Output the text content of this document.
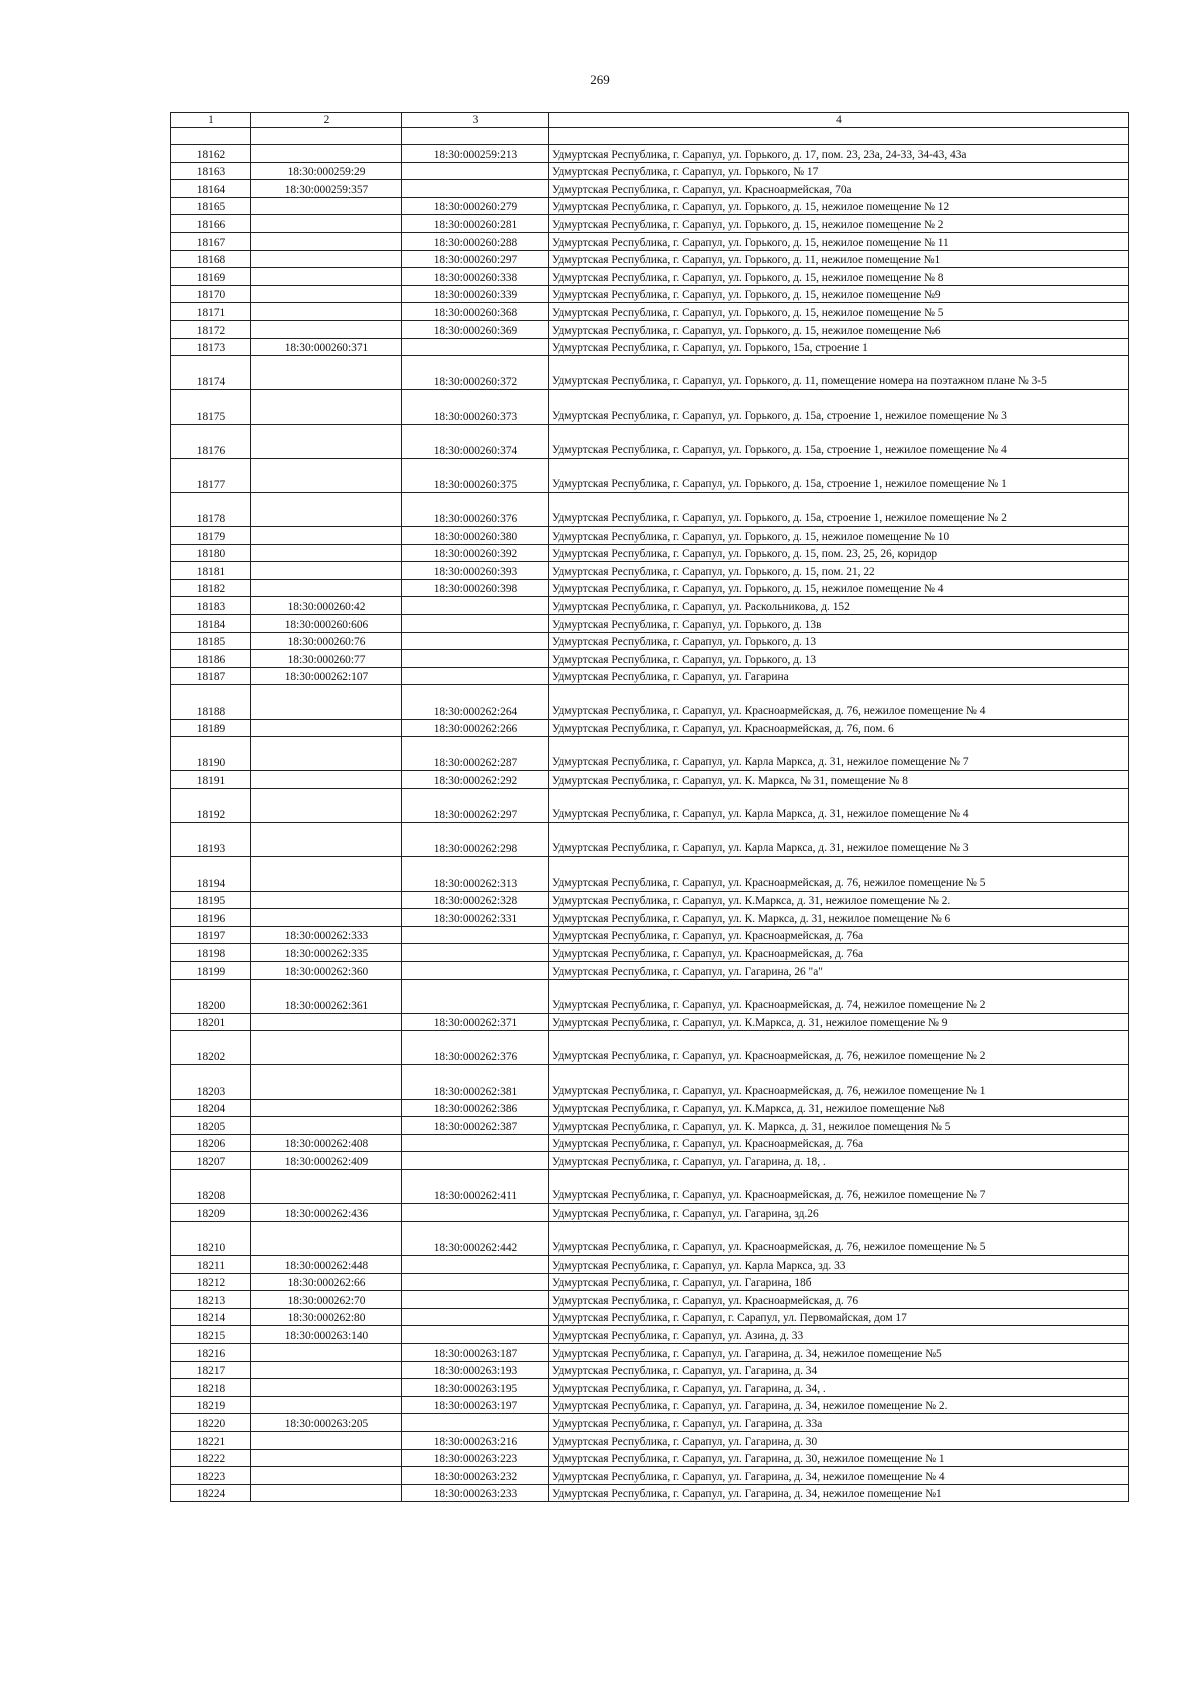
269
1	2	3	4

18162		18:30:000259:213	Удмуртская Республика, г. Сарапул, ул. Горького, д. 17, пом. 23, 23а, 24-33, 34-43, 43а
18163	18:30:000259:29		Удмуртская Республика, г. Сарапул, ул. Горького, № 17
18164	18:30:000259:357		Удмуртская Республика, г. Сарапул, ул. Красноармейская, 70а
18165		18:30:000260:279	Удмуртская Республика, г. Сарапул, ул. Горького, д. 15, нежилое помещение № 12
18166		18:30:000260:281	Удмуртская Республика, г. Сарапул, ул. Горького, д. 15, нежилое помещение № 2
18167		18:30:000260:288	Удмуртская Республика, г. Сарапул, ул. Горького, д. 15, нежилое помещение № 11
18168		18:30:000260:297	Удмуртская Республика, г. Сарапул, ул. Горького, д. 11, нежилое помещение №1
18169		18:30:000260:338	Удмуртская Республика, г. Сарапул, ул. Горького, д. 15, нежилое помещение № 8
18170		18:30:000260:339	Удмуртская Республика, г. Сарапул, ул. Горького, д. 15, нежилое помещение №9
18171		18:30:000260:368	Удмуртская Республика, г. Сарапул, ул. Горького, д. 15, нежилое помещение № 5
18172		18:30:000260:369	Удмуртская Республика, г. Сарапул, ул. Горького, д. 15, нежилое помещение №6
18173	18:30:000260:371		Удмуртская Республика, г. Сарапул, ул. Горького, 15а, строение 1
18174		18:30:000260:372	Удмуртская Республика, г. Сарапул, ул. Горького, д. 11, помещение номера на поэтажном плане № 3-5
18175		18:30:000260:373	Удмуртская Республика, г. Сарапул, ул. Горького, д. 15а, строение 1, нежилое помещение № 3
18176		18:30:000260:374	Удмуртская Республика, г. Сарапул, ул. Горького, д. 15а, строение 1, нежилое помещение № 4
18177		18:30:000260:375	Удмуртская Республика, г. Сарапул, ул. Горького, д. 15а, строение 1, нежилое помещение № 1
18178		18:30:000260:376	Удмуртская Республика, г. Сарапул, ул. Горького, д. 15а, строение 1, нежилое помещение № 2
18179		18:30:000260:380	Удмуртская Республика, г. Сарапул, ул. Горького, д. 15, нежилое помещение № 10
18180		18:30:000260:392	Удмуртская Республика, г. Сарапул, ул. Горького, д. 15, пом. 23, 25, 26, коридор
18181		18:30:000260:393	Удмуртская Республика, г. Сарапул, ул. Горького, д. 15, пом. 21, 22
18182		18:30:000260:398	Удмуртская Республика, г. Сарапул, ул. Горького, д. 15, нежилое помещение № 4
18183	18:30:000260:42		Удмуртская Республика, г. Сарапул, ул. Раскольникова, д. 152
18184	18:30:000260:606		Удмуртская Республика, г. Сарапул, ул. Горького, д. 13в
18185	18:30:000260:76		Удмуртская Республика, г. Сарапул, ул. Горького, д. 13
18186	18:30:000260:77		Удмуртская Республика, г. Сарапул, ул. Горького, д. 13
18187	18:30:000262:107		Удмуртская Республика, г. Сарапул, ул. Гагарина
18188		18:30:000262:264	Удмуртская Республика, г. Сарапул, ул. Красноармейская, д. 76, нежилое помещение № 4
18189		18:30:000262:266	Удмуртская Республика, г. Сарапул, ул. Красноармейская, д. 76, пом. 6
18190		18:30:000262:287	Удмуртская Республика, г. Сарапул, ул. Карла Маркса, д. 31, нежилое помещение № 7
18191		18:30:000262:292	Удмуртская Республика, г. Сарапул, ул. К. Маркса, № 31, помещение № 8
18192		18:30:000262:297	Удмуртская Республика, г. Сарапул, ул. Карла Маркса, д. 31, нежилое помещение № 4
18193		18:30:000262:298	Удмуртская Республика, г. Сарапул, ул. Карла Маркса, д. 31, нежилое помещение № 3
18194		18:30:000262:313	Удмуртская Республика, г. Сарапул, ул. Красноармейская, д. 76, нежилое помещение № 5
18195		18:30:000262:328	Удмуртская Республика, г. Сарапул, ул. К.Маркса, д. 31, нежилое помещение № 2.
18196		18:30:000262:331	Удмуртская Республика, г. Сарапул, ул. К. Маркса, д. 31, нежилое помещение № 6
18197	18:30:000262:333		Удмуртская Республика, г. Сарапул, ул. Красноармейская, д. 76а
18198	18:30:000262:335		Удмуртская Республика, г. Сарапул, ул. Красноармейская, д. 76а
18199	18:30:000262:360		Удмуртская Республика, г. Сарапул, ул. Гагарина, 26 "а"
18200	18:30:000262:361		Удмуртская Республика, г. Сарапул, ул. Красноармейская, д. 74, нежилое помещение № 2
18201		18:30:000262:371	Удмуртская Республика, г. Сарапул, ул. К.Маркса, д. 31, нежилое помещение № 9
18202		18:30:000262:376	Удмуртская Республика, г. Сарапул, ул. Красноармейская, д. 76, нежилое помещение № 2
18203		18:30:000262:381	Удмуртская Республика, г. Сарапул, ул. Красноармейская, д. 76, нежилое помещение № 1
18204		18:30:000262:386	Удмуртская Республика, г. Сарапул, ул. К.Маркса, д. 31, нежилое помещение №8
18205		18:30:000262:387	Удмуртская Республика, г. Сарапул, ул. К. Маркса, д. 31, нежилое помещения № 5
18206	18:30:000262:408		Удмуртская Республика, г. Сарапул, ул. Красноармейская, д. 76а
18207	18:30:000262:409		Удмуртская Республика, г. Сарапул, ул. Гагарина, д. 18, .
18208		18:30:000262:411	Удмуртская Республика, г. Сарапул, ул. Красноармейская, д. 76, нежилое помещение № 7
18209	18:30:000262:436		Удмуртская Республика, г. Сарапул, ул. Гагарина, зд.26
18210		18:30:000262:442	Удмуртская Республика, г. Сарапул, ул. Красноармейская, д. 76, нежилое помещение № 5
18211	18:30:000262:448		Удмуртская Республика, г. Сарапул, ул. Карла Маркса, зд. 33
18212	18:30:000262:66		Удмуртская Республика, г. Сарапул, ул. Гагарина, 18б
18213	18:30:000262:70		Удмуртская Республика, г. Сарапул, ул. Красноармейская, д. 76
18214	18:30:000262:80		Удмуртская Республика, г. Сарапул, г. Сарапул, ул. Первомайская, дом 17
18215	18:30:000263:140		Удмуртская Республика, г. Сарапул, ул. Азина, д. 33
18216		18:30:000263:187	Удмуртская Республика, г. Сарапул, ул. Гагарина, д. 34, нежилое помещение №5
18217		18:30:000263:193	Удмуртская Республика, г. Сарапул, ул. Гагарина, д. 34
18218		18:30:000263:195	Удмуртская Республика, г. Сарапул, ул. Гагарина, д. 34, .
18219		18:30:000263:197	Удмуртская Республика, г. Сарапул, ул. Гагарина, д. 34, нежилое помещение № 2.
18220	18:30:000263:205		Удмуртская Республика, г. Сарапул, ул. Гагарина, д. 33а
18221		18:30:000263:216	Удмуртская Республика, г. Сарапул, ул. Гагарина, д. 30
18222		18:30:000263:223	Удмуртская Республика, г. Сарапул, ул. Гагарина, д. 30, нежилое помещение № 1
18223		18:30:000263:232	Удмуртская Республика, г. Сарапул, ул. Гагарина, д. 34, нежилое помещение № 4
18224		18:30:000263:233	Удмуртская Республика, г. Сарапул, ул. Гагарина, д. 34, нежилое помещение №1
